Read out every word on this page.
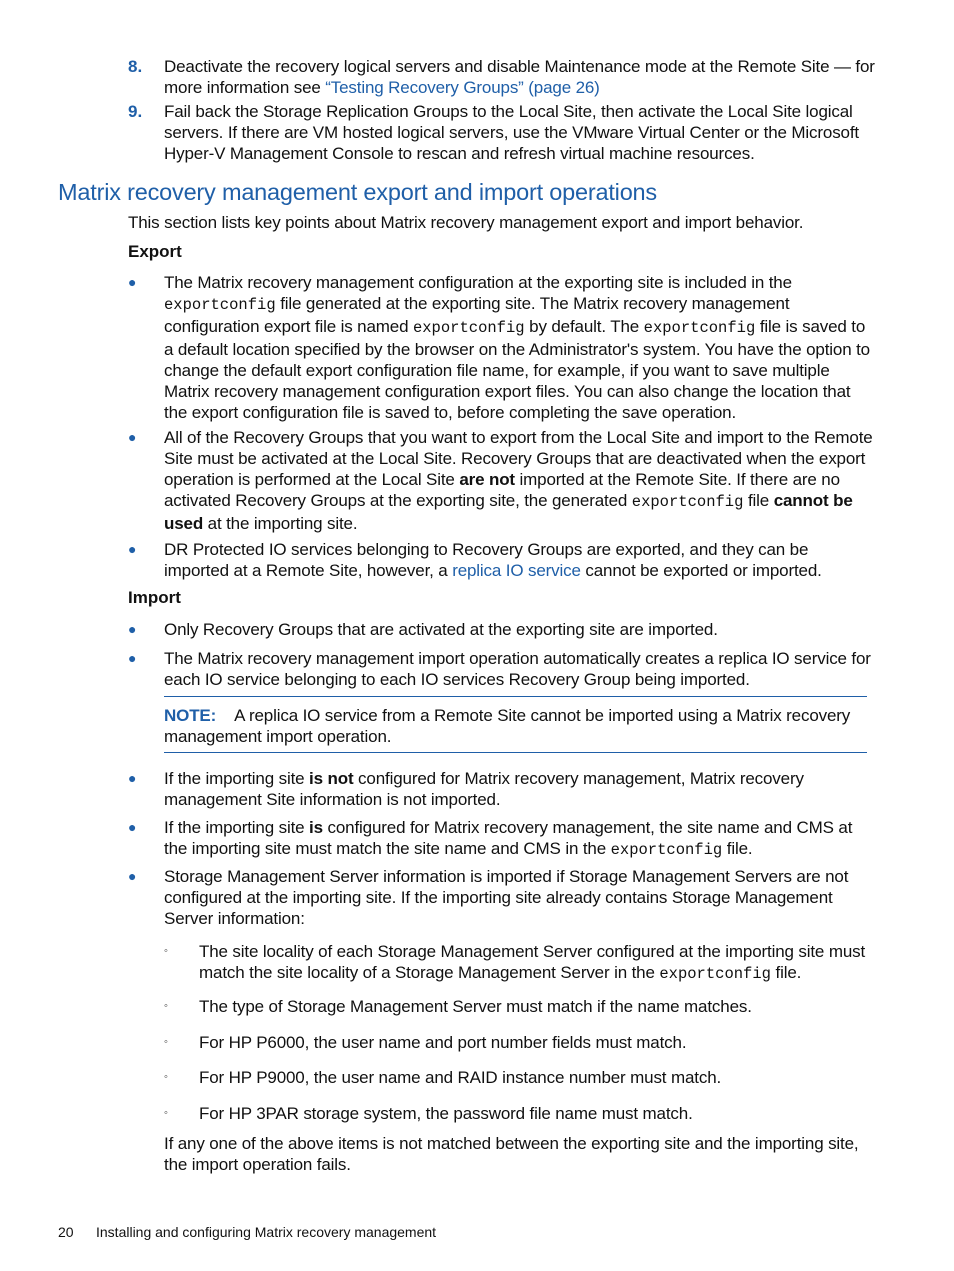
8. Deactivate the recovery logical servers and disable Maintenance mode at the Remote Site — for more information see “Testing Recovery Groups” (page 26)
9. Fail back the Storage Replication Groups to the Local Site, then activate the Local Site logical servers. If there are VM hosted logical servers, use the VMware Virtual Center or the Microsoft Hyper-V Management Console to rescan and refresh virtual machine resources.
Matrix recovery management export and import operations
This section lists key points about Matrix recovery management export and import behavior.
Export
● The Matrix recovery management configuration at the exporting site is included in the exportconfig file generated at the exporting site. The Matrix recovery management configuration export file is named exportconfig by default. The exportconfig file is saved to a default location specified by the browser on the Administrator's system. You have the option to change the default export configuration file name, for example, if you want to save multiple Matrix recovery management configuration export files. You can also change the location that the export configuration file is saved to, before completing the save operation.
● All of the Recovery Groups that you want to export from the Local Site and import to the Remote Site must be activated at the Local Site. Recovery Groups that are deactivated when the export operation is performed at the Local Site are not imported at the Remote Site. If there are no activated Recovery Groups at the exporting site, the generated exportconfig file cannot be used at the importing site.
● DR Protected IO services belonging to Recovery Groups are exported, and they can be imported at a Remote Site, however, a replica IO service cannot be exported or imported.
Import
● Only Recovery Groups that are activated at the exporting site are imported.
● The Matrix recovery management import operation automatically creates a replica IO service for each IO service belonging to each IO services Recovery Group being imported.
NOTE: A replica IO service from a Remote Site cannot be imported using a Matrix recovery management import operation.
● If the importing site is not configured for Matrix recovery management, Matrix recovery management Site information is not imported.
● If the importing site is configured for Matrix recovery management, the site name and CMS at the importing site must match the site name and CMS in the exportconfig file.
● Storage Management Server information is imported if Storage Management Servers are not configured at the importing site. If the importing site already contains Storage Management Server information:
◦ The site locality of each Storage Management Server configured at the importing site must match the site locality of a Storage Management Server in the exportconfig file.
◦ The type of Storage Management Server must match if the name matches.
◦ For HP P6000, the user name and port number fields must match.
◦ For HP P9000, the user name and RAID instance number must match.
◦ For HP 3PAR storage system, the password file name must match.
If any one of the above items is not matched between the exporting site and the importing site, the import operation fails.
20 Installing and configuring Matrix recovery management
